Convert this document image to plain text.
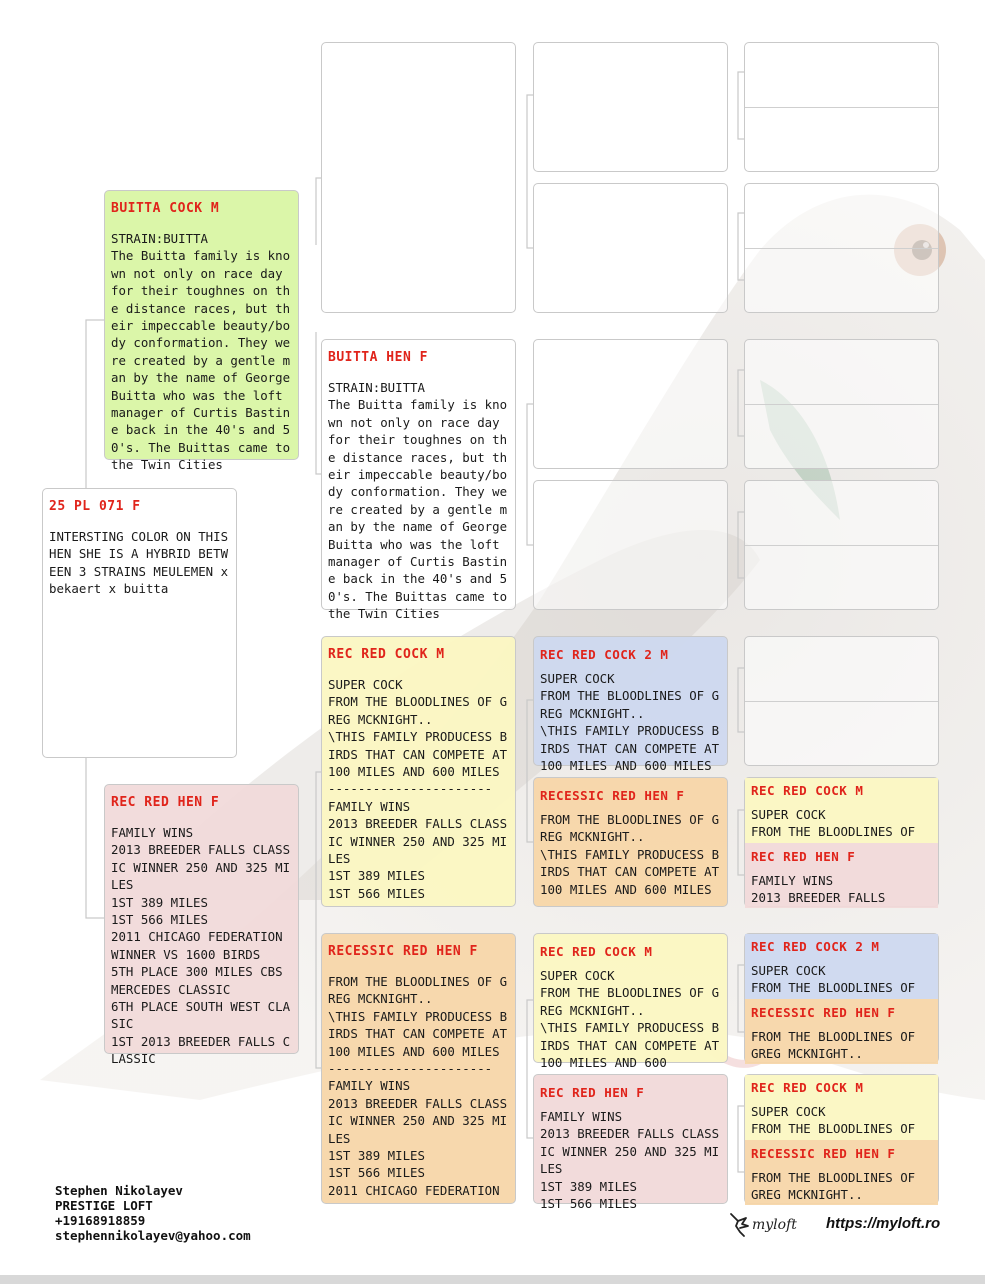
25 PL 071 F
INTERSTING COLOR ON THIS HEN SHE IS A HYBRID BETWEEN 3 STRAINS MEULEMEN x bekaert x buitta
BUITTA COCK M
STRAIN:BUITTA
The Buitta family is known not only on race day for their toughnes on the distance races, but their impeccable beauty/body conformation. They were created by a gentle man by the name of George Buitta who was the loft manager of Curtis Bastine back in the 40's and 50's. The Buittas came to the Twin Cities
REC RED HEN F
FAMILY WINS
2013 BREEDER FALLS CLASSIC WINNER 250 AND 325 MILES
1ST 389 MILES
1ST 566 MILES
2011 CHICAGO FEDERATION WINNER VS 1600 BIRDS
5TH PLACE 300 MILES CBS MERCEDES CLASSIC
6TH PLACE SOUTH WEST CLASIC
1ST 2013 BREEDER FALLS CLASSIC
BUITTA HEN F
STRAIN:BUITTA
The Buitta family is known not only on race day for their toughnes on the distance races, but their impeccable beauty/body conformation. They were created by a gentle man by the name of George Buitta who was the loft manager of Curtis Bastine back in the 40's and 50's. The Buittas came to the Twin Cities
REC RED COCK M
SUPER COCK
FROM THE BLOODLINES OF GREG MCKNIGHT..
\THIS FAMILY PRODUCESS BIRDS THAT CAN COMPETE AT 100 MILES AND 600 MILES
----------------------
FAMILY WINS
2013 BREEDER FALLS CLASSIC WINNER 250 AND 325 MILES
1ST 389 MILES
1ST 566 MILES
RECESSIC RED HEN F
FROM THE BLOODLINES OF GREG MCKNIGHT..
\THIS FAMILY PRODUCESS BIRDS THAT CAN COMPETE AT 100 MILES AND 600 MILES
----------------------
FAMILY WINS
2013 BREEDER FALLS CLASSIC WINNER 250 AND 325 MILES
1ST 389 MILES
1ST 566 MILES
2011 CHICAGO FEDERATION
REC RED COCK 2 M
SUPER COCK
FROM THE BLOODLINES OF GREG MCKNIGHT..
\THIS FAMILY PRODUCESS BIRDS THAT CAN COMPETE AT 100 MILES AND 600 MILES
RECESSIC RED HEN F
FROM THE BLOODLINES OF GREG MCKNIGHT..
\THIS FAMILY PRODUCESS BIRDS THAT CAN COMPETE AT 100 MILES AND 600 MILES
REC RED COCK M
SUPER COCK
FROM THE BLOODLINES OF GREG MCKNIGHT..
\THIS FAMILY PRODUCESS BIRDS THAT CAN COMPETE AT 100 MILES AND 600
REC RED HEN F
FAMILY WINS
2013 BREEDER FALLS CLASSIC WINNER 250 AND 325 MILES
1ST 389 MILES
1ST 566 MILES
REC RED COCK M
SUPER COCK
FROM THE BLOODLINES OF
REC RED HEN F
FAMILY WINS
2013 BREEDER FALLS
REC RED COCK 2 M
SUPER COCK
FROM THE BLOODLINES OF
RECESSIC RED HEN F
FROM THE BLOODLINES OF
GREG MCKNIGHT..
REC RED COCK M
SUPER COCK
FROM THE BLOODLINES OF
RECESSIC RED HEN F
FROM THE BLOODLINES OF
GREG MCKNIGHT..
Stephen Nikolayev
PRESTIGE LOFT
+19168918859
stephennikolayev@yahoo.com
myloft https://myloft.ro
